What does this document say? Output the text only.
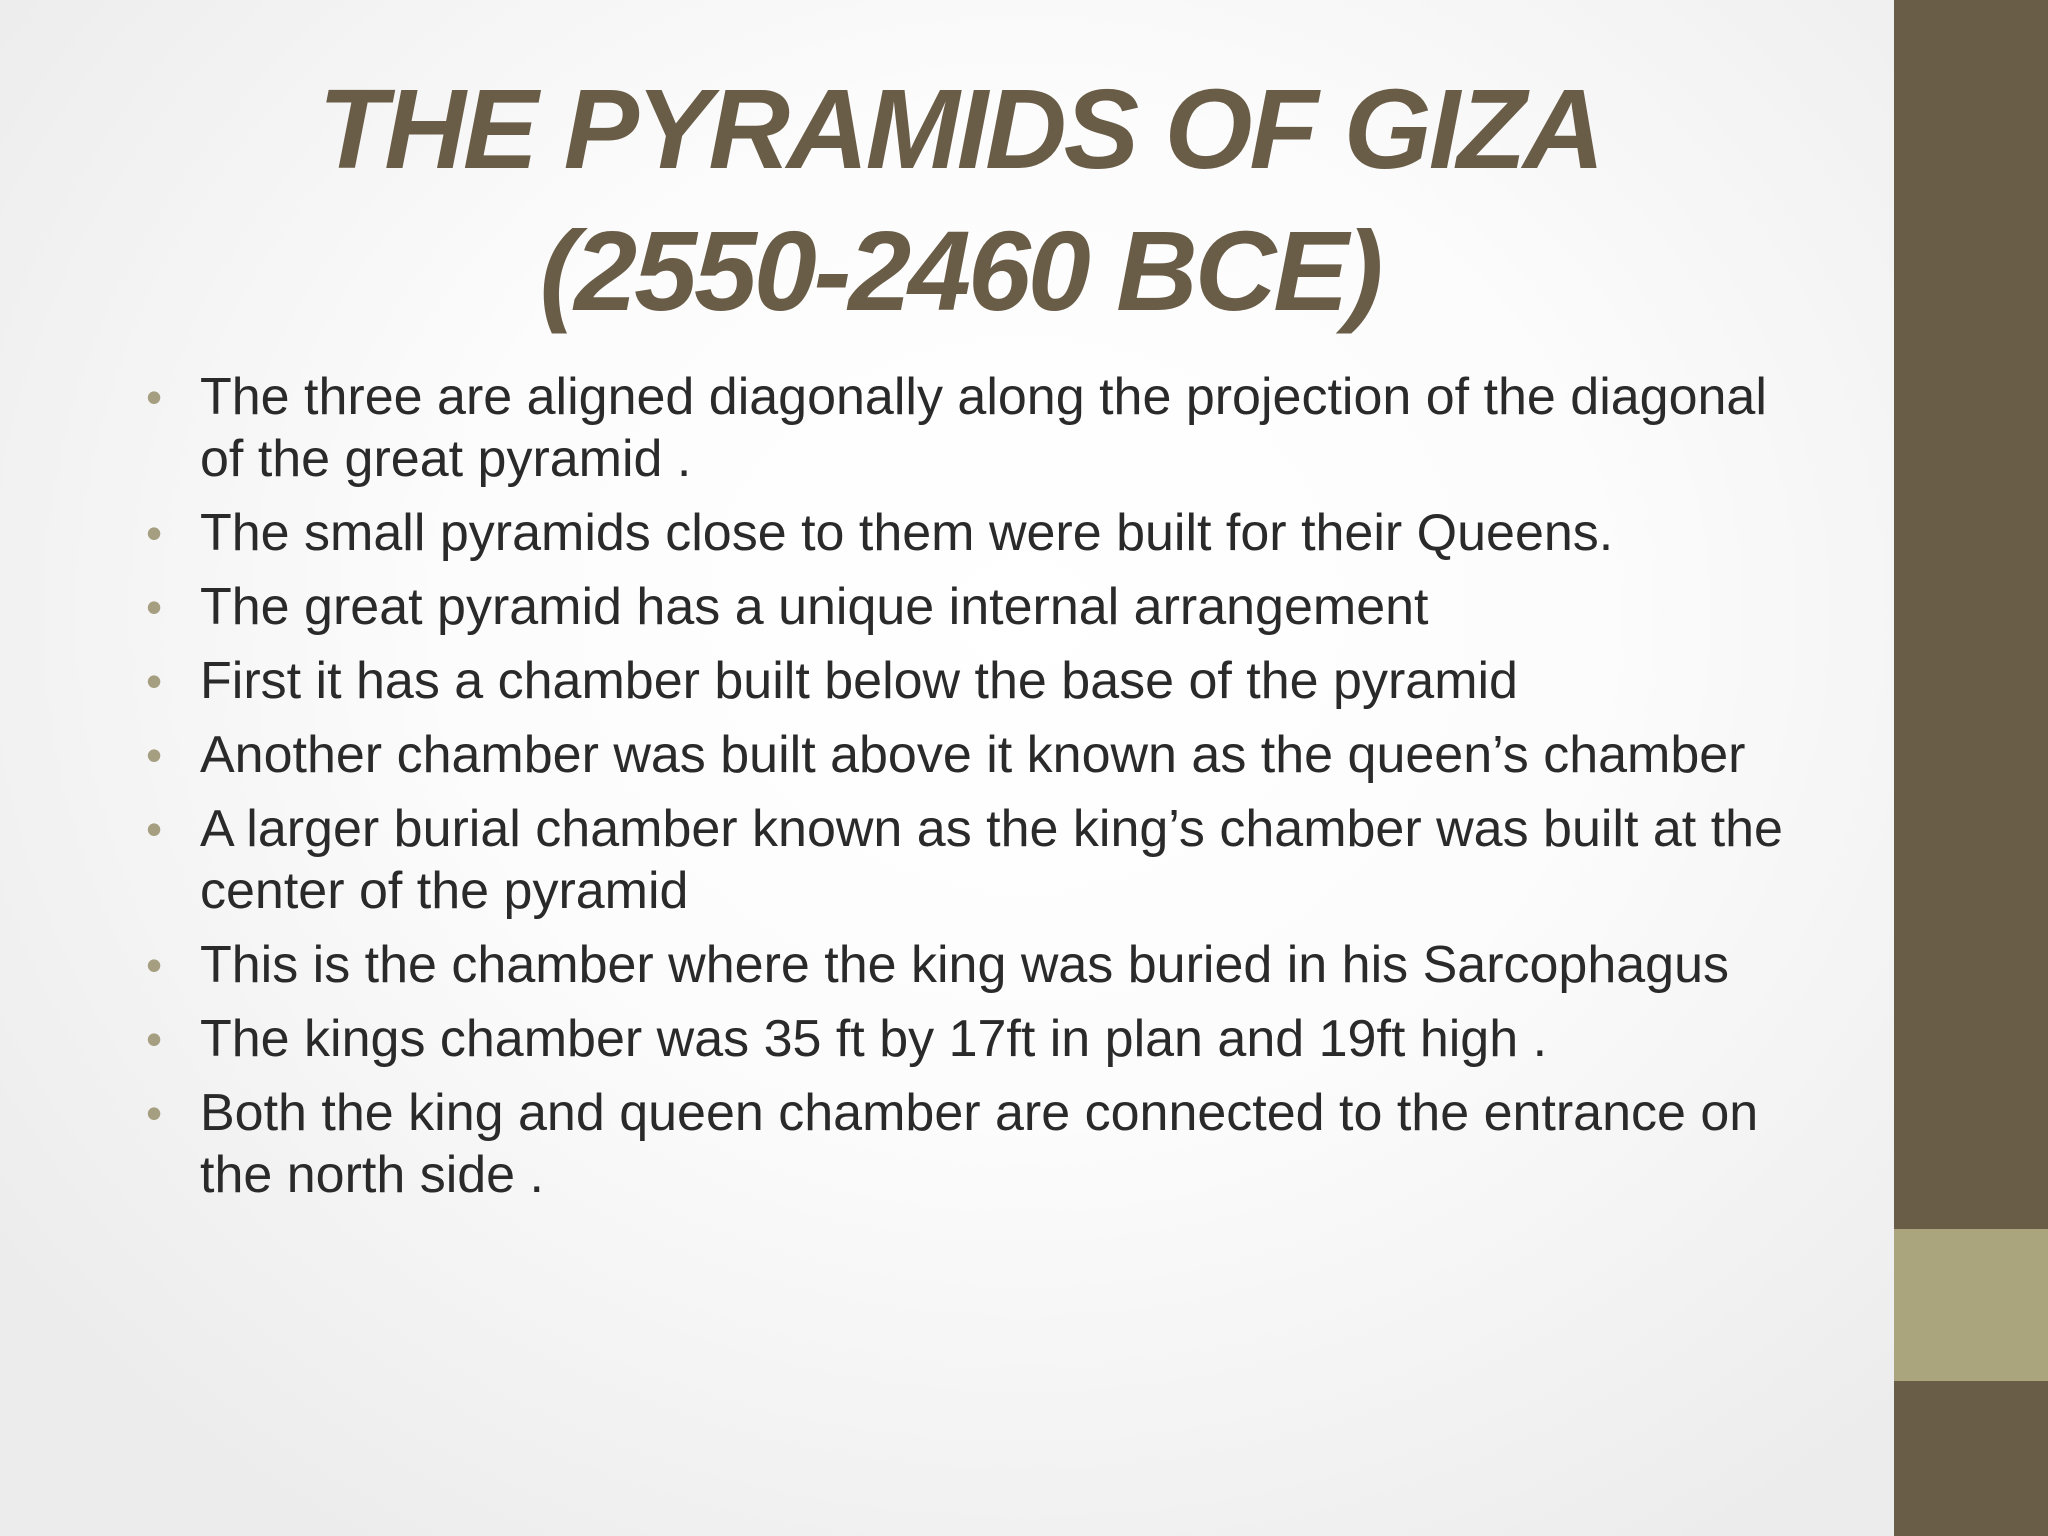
THE PYRAMIDS OF GIZA
(2550-2460 BCE)
• The three are aligned diagonally along the projection of the diagonal of the great pyramid .
• The small pyramids close to them were built for their Queens.
• The great pyramid has a unique internal arrangement
• First it has a chamber built below the base of the pyramid
• Another chamber was built above it known as the queen’s chamber
• A larger burial chamber known as the king’s chamber was built at the center of the pyramid
• This is the chamber where the king was buried in his Sarcophagus
• The kings chamber was 35 ft by 17ft in plan and 19ft high .
• Both the king and queen chamber are connected to the entrance on the north side .
